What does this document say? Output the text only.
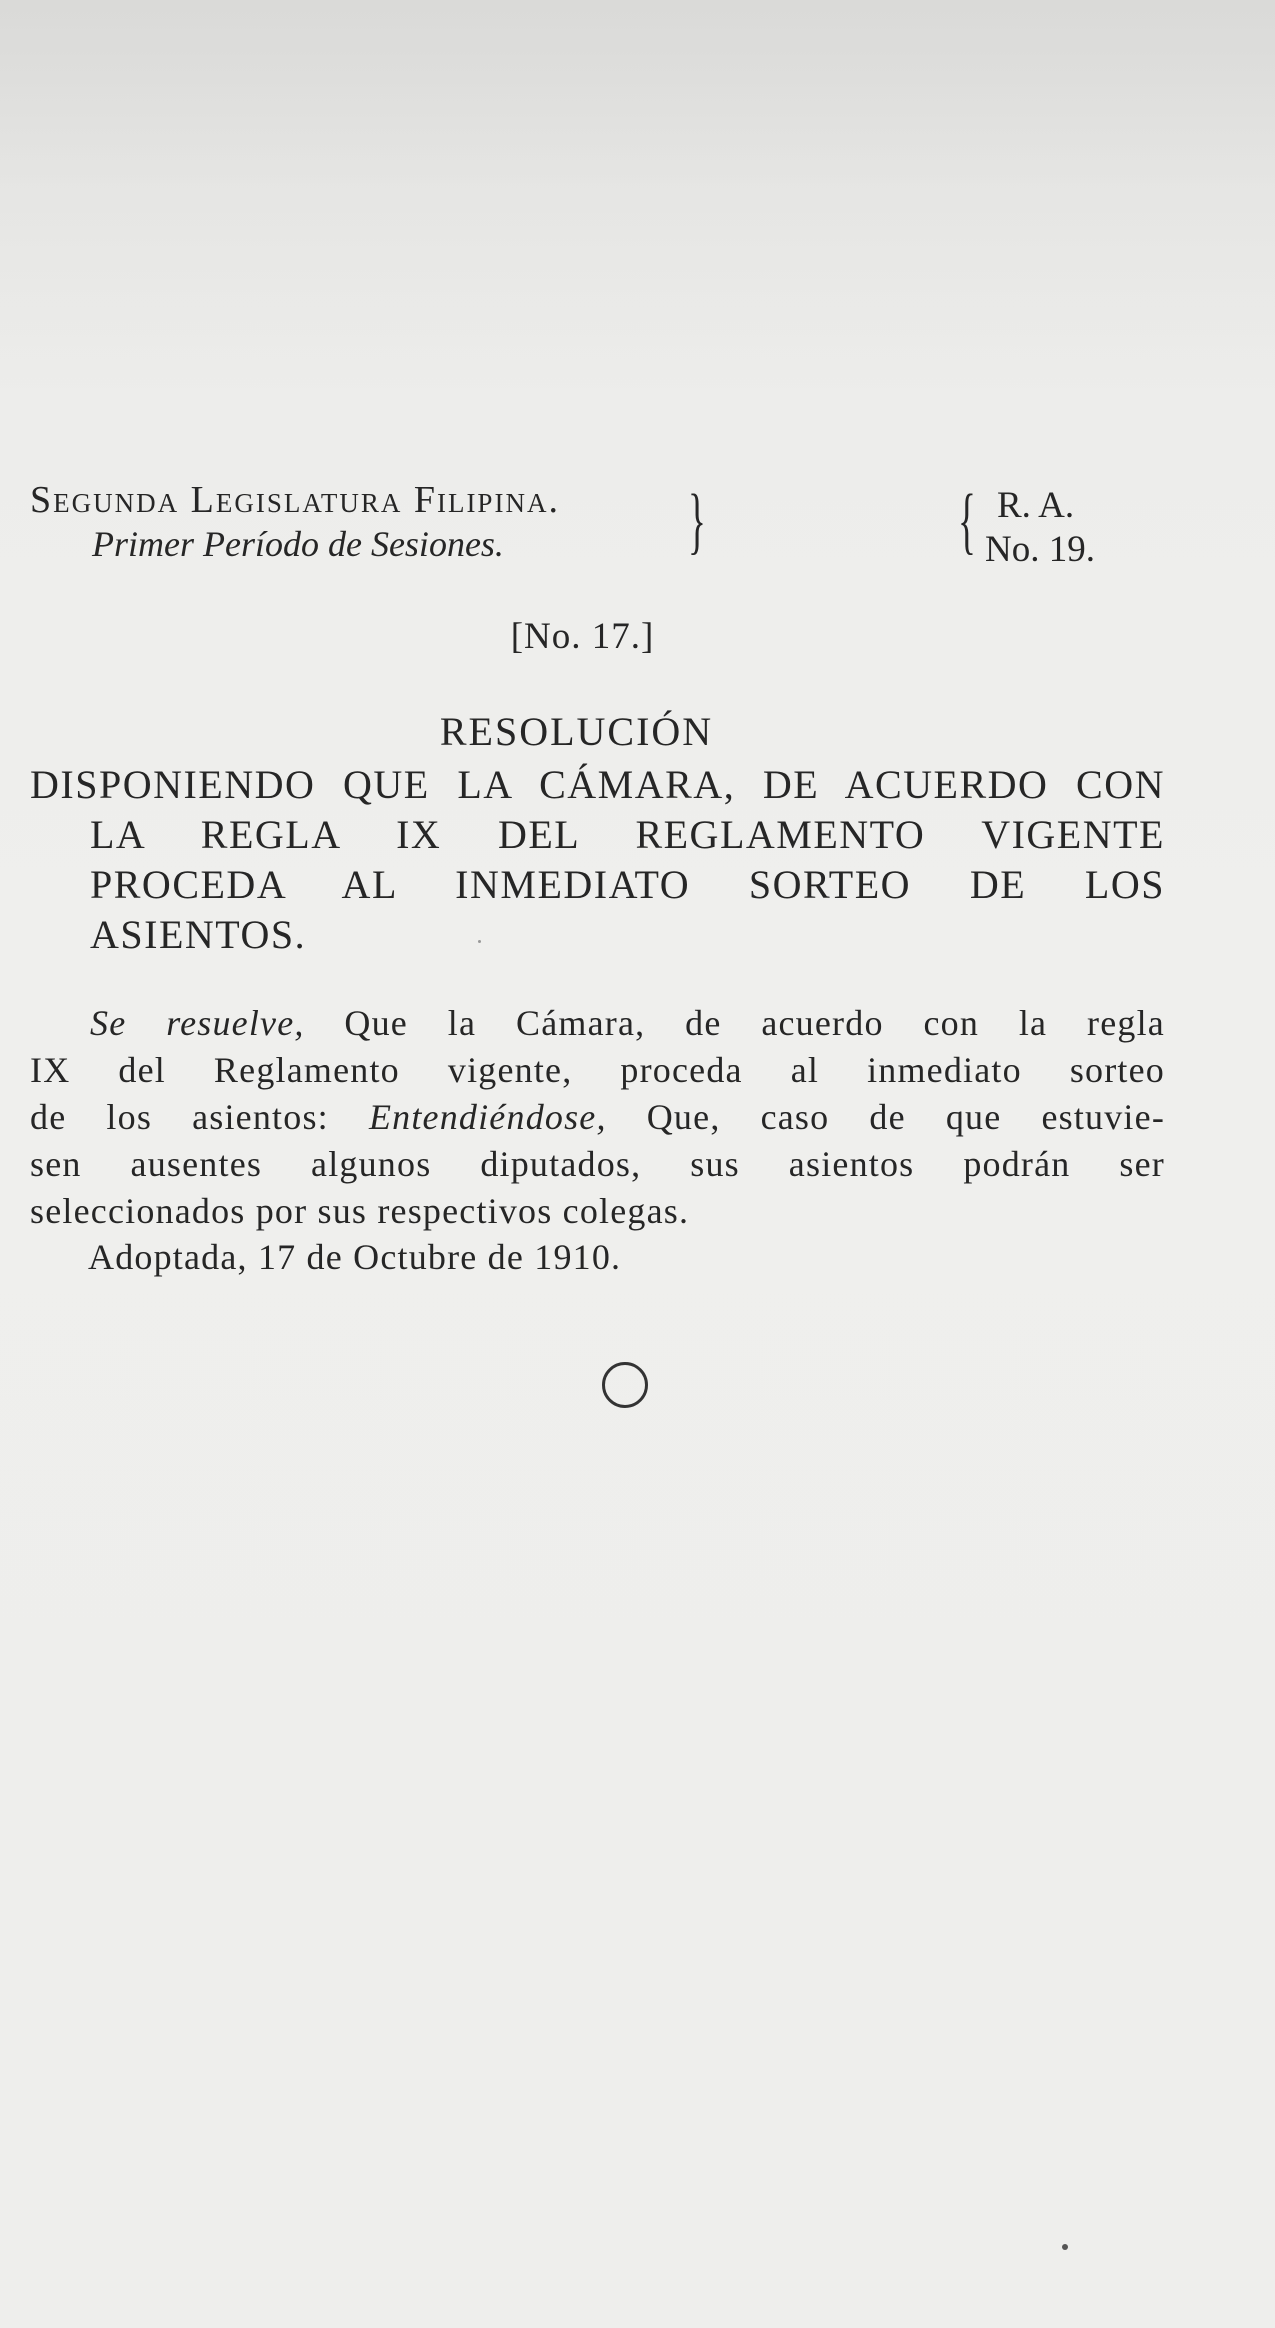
Segunda Legislatura Filipina.
Primer Período de Sesiones.	}	{ R. A.
No. 19.
[No. 17.]
RESOLUCIÓN
DISPONIENDO QUE LA CÁMARA, DE ACUERDO CON
LA REGLA IX DEL REGLAMENTO VIGENTE
PROCEDA AL INMEDIATO SORTEO DE LOS
ASIENTOS.
Se resuelve, Que la Cámara, de acuerdo con la regla
IX del Reglamento vigente, proceda al inmediato sorteo
de los asientos: Entendiéndose, Que, caso de que estuvie-
sen ausentes algunos diputados, sus asientos podrán ser
seleccionados por sus respectivos colegas.
Adoptada, 17 de Octubre de 1910.
